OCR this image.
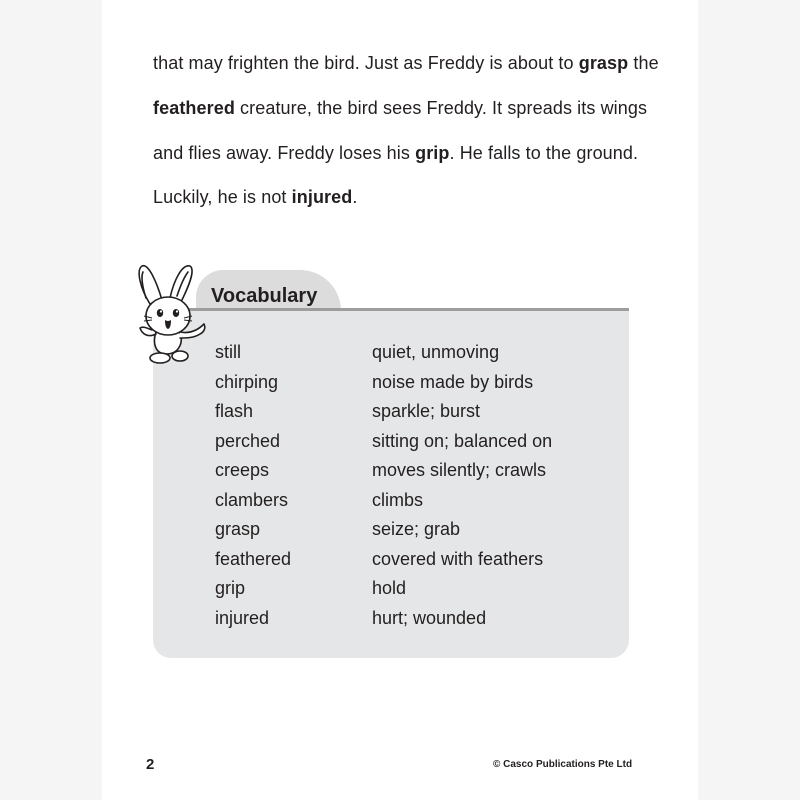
that may frighten the bird. Just as Freddy is about to grasp the

feathered creature, the bird sees Freddy. It spreads its wings

and flies away. Freddy loses his grip. He falls to the ground.

Luckily, he is not injured.

Vocabulary
still	quiet, unmoving
chirping	noise made by birds
flash	sparkle; burst
perched	sitting on; balanced on
creeps	moves silently; crawls
clambers	climbs
grasp	seize; grab
feathered	covered with feathers
grip	hold
injured	hurt; wounded
2	© Casco Publications Pte Ltd
